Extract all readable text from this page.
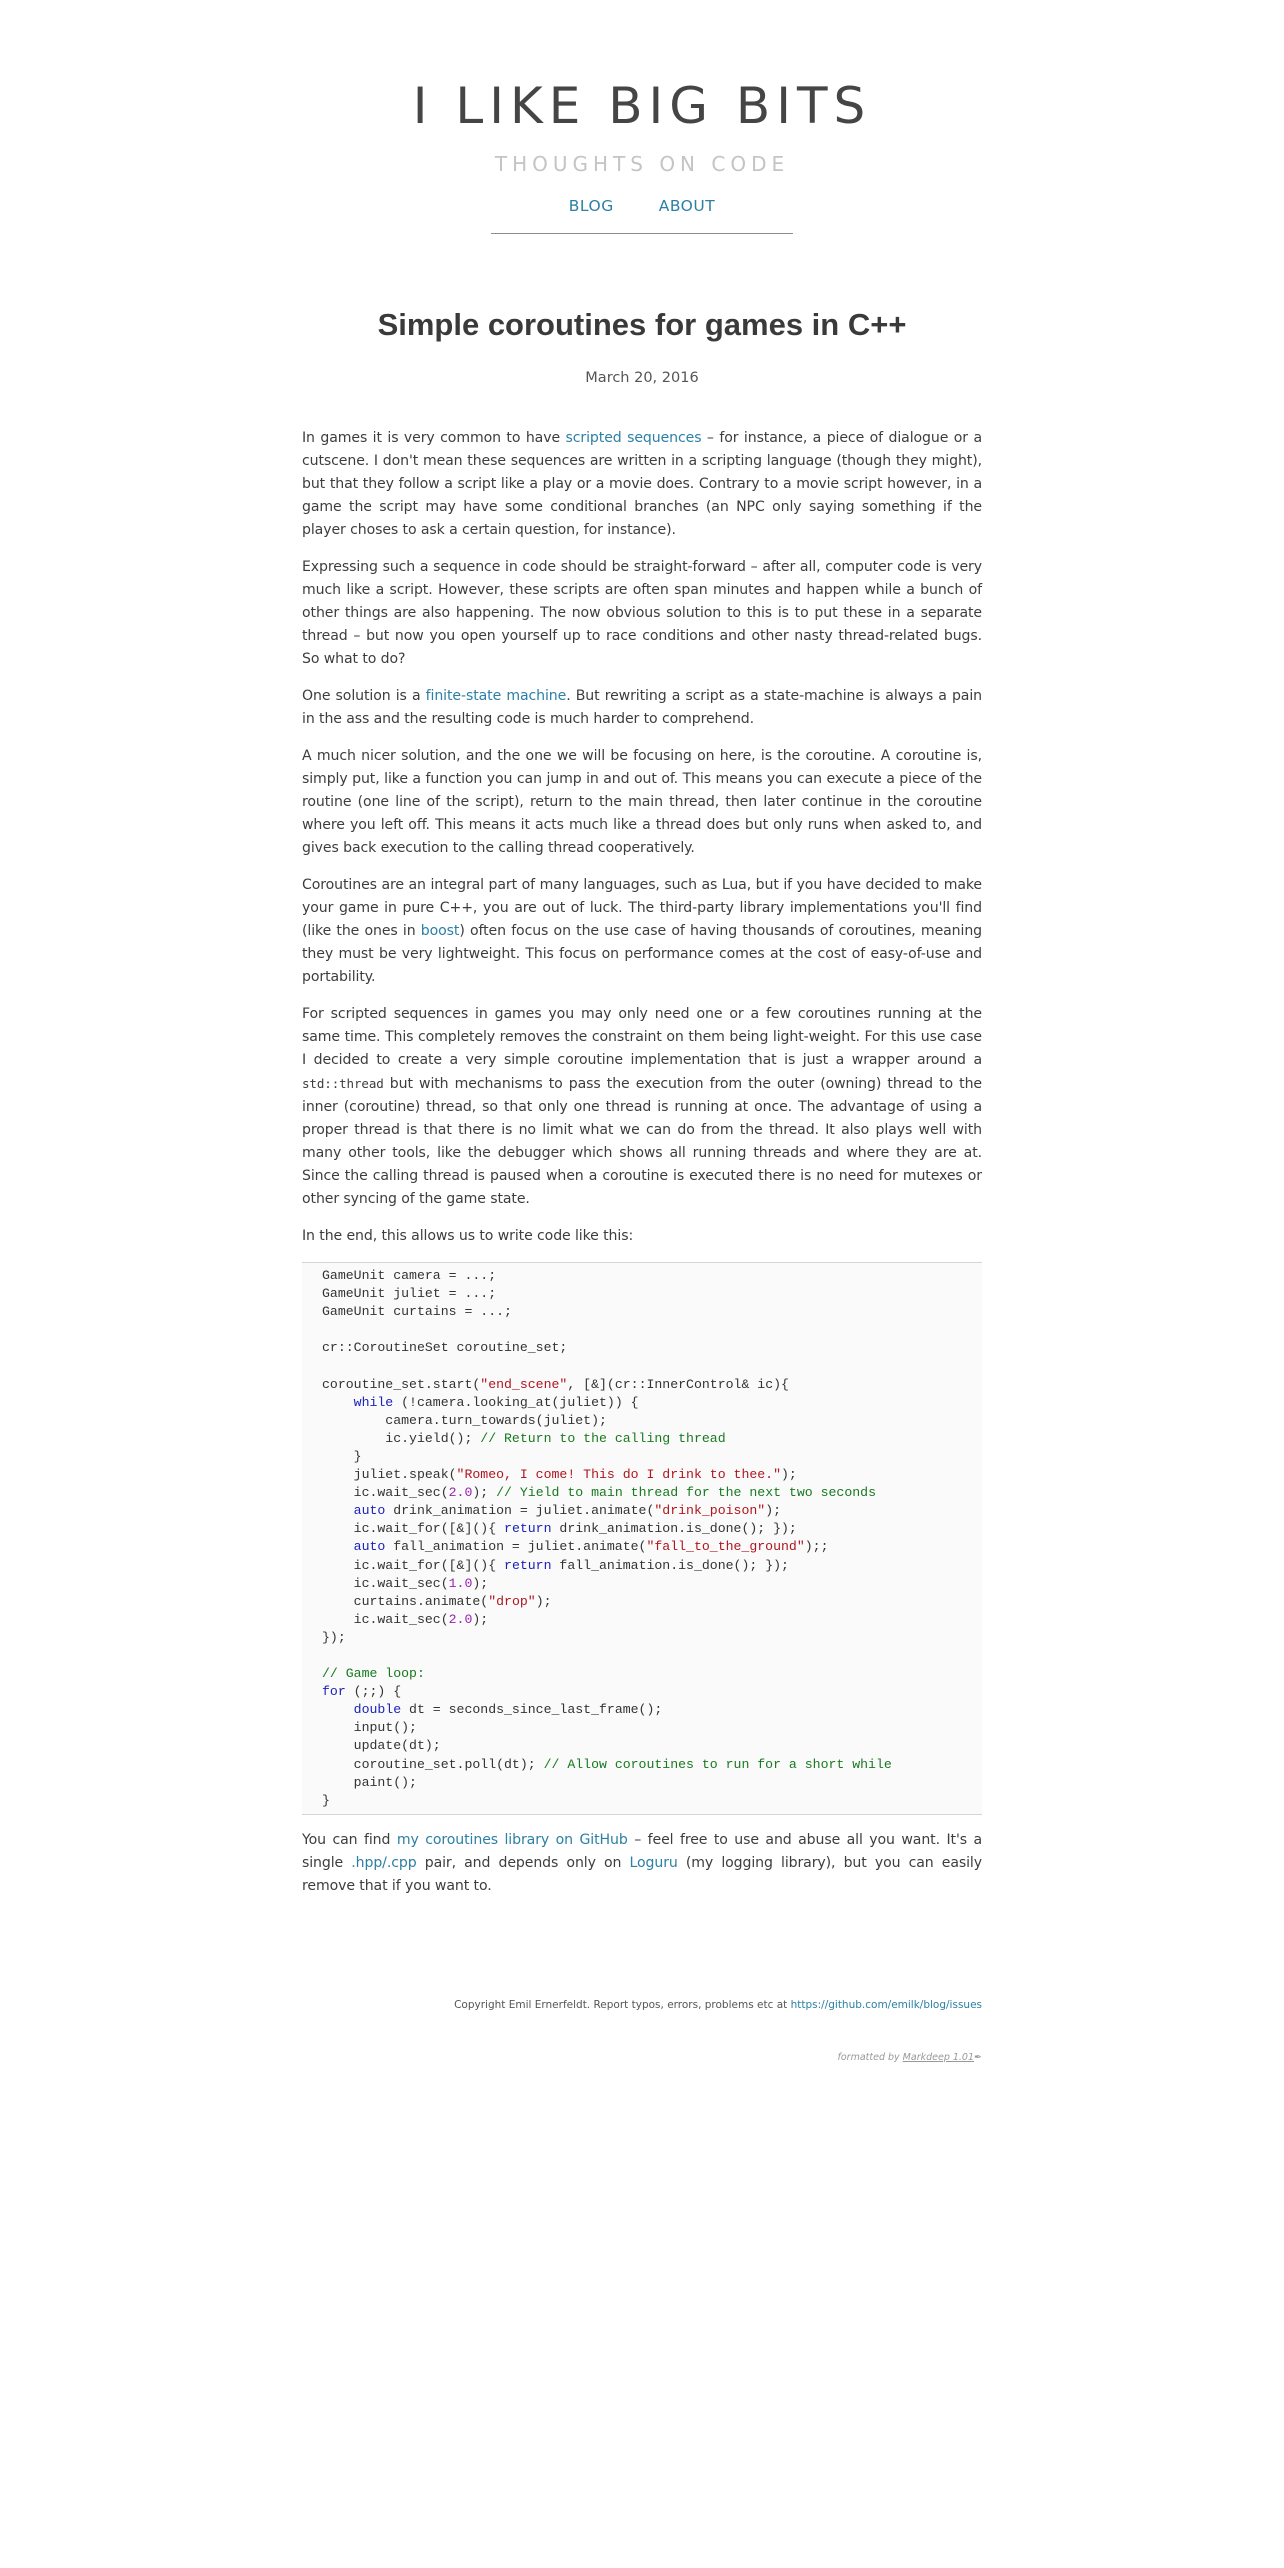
I LIKE BIG BITS
THOUGHTS ON CODE
BLOG	ABOUT
Simple coroutines for games in C++
March 20, 2016

In games it is very common to have scripted sequences – for instance, a piece of dialogue or a cutscene. I don't mean these sequences are written in a scripting language (though they might), but that they follow a script like a play or a movie does. Contrary to a movie script however, in a game the script may have some conditional branches (an NPC only saying something if the player choses to ask a certain question, for instance).

Expressing such a sequence in code should be straight-forward – after all, computer code is very much like a script. However, these scripts are often span minutes and happen while a bunch of other things are also happening. The now obvious solution to this is to put these in a separate thread – but now you open yourself up to race conditions and other nasty thread-related bugs. So what to do?

One solution is a finite-state machine. But rewriting a script as a state-machine is always a pain in the ass and the resulting code is much harder to comprehend.

A much nicer solution, and the one we will be focusing on here, is the coroutine. A coroutine is, simply put, like a function you can jump in and out of. This means you can execute a piece of the routine (one line of the script), return to the main thread, then later continue in the coroutine where you left off. This means it acts much like a thread does but only runs when asked to, and gives back execution to the calling thread cooperatively.

Coroutines are an integral part of many languages, such as Lua, but if you have decided to make your game in pure C++, you are out of luck. The third-party library implementations you'll find (like the ones in boost) often focus on the use case of having thousands of coroutines, meaning they must be very lightweight. This focus on performance comes at the cost of easy-of-use and portability.

For scripted sequences in games you may only need one or a few coroutines running at the same time. This completely removes the constraint on them being light-weight. For this use case I decided to create a very simple coroutine implementation that is just a wrapper around a std::thread but with mechanisms to pass the execution from the outer (owning) thread to the inner (coroutine) thread, so that only one thread is running at once. The advantage of using a proper thread is that there is no limit what we can do from the thread. It also plays well with many other tools, like the debugger which shows all running threads and where they are at. Since the calling thread is paused when a coroutine is executed there is no need for mutexes or other syncing of the game state.

In the end, this allows us to write code like this:

GameUnit camera = ...;
GameUnit juliet = ...;
GameUnit curtains = ...;
cr::CoroutineSet coroutine_set;
coroutine_set.start("end_scene", [&](cr::InnerControl& ic){
while (!camera.looking_at(juliet)) {
camera.turn_towards(juliet);
ic.yield(); // Return to the calling thread
}
juliet.speak("Romeo, I come! This do I drink to thee.");
ic.wait_sec(2.0); // Yield to main thread for the next two seconds
auto drink_animation = juliet.animate("drink_poison");
ic.wait_for([&](){ return drink_animation.is_done(); });
auto fall_animation = juliet.animate("fall_to_the_ground");;
ic.wait_for([&](){ return fall_animation.is_done(); });
ic.wait_sec(1.0);
curtains.animate("drop");
ic.wait_sec(2.0);
});
// Game loop:
for (;;) {
double dt = seconds_since_last_frame();
input();
update(dt);
coroutine_set.poll(dt); // Allow coroutines to run for a short while
paint();
}

You can find my coroutines library on GitHub – feel free to use and abuse all you want. It's a single .hpp/.cpp pair, and depends only on Loguru (my logging library), but you can easily remove that if you want to.

Copyright Emil Ernerfeldt. Report typos, errors, problems etc at https://github.com/emilk/blog/issues
formatted by Markdeep 1.01✒
